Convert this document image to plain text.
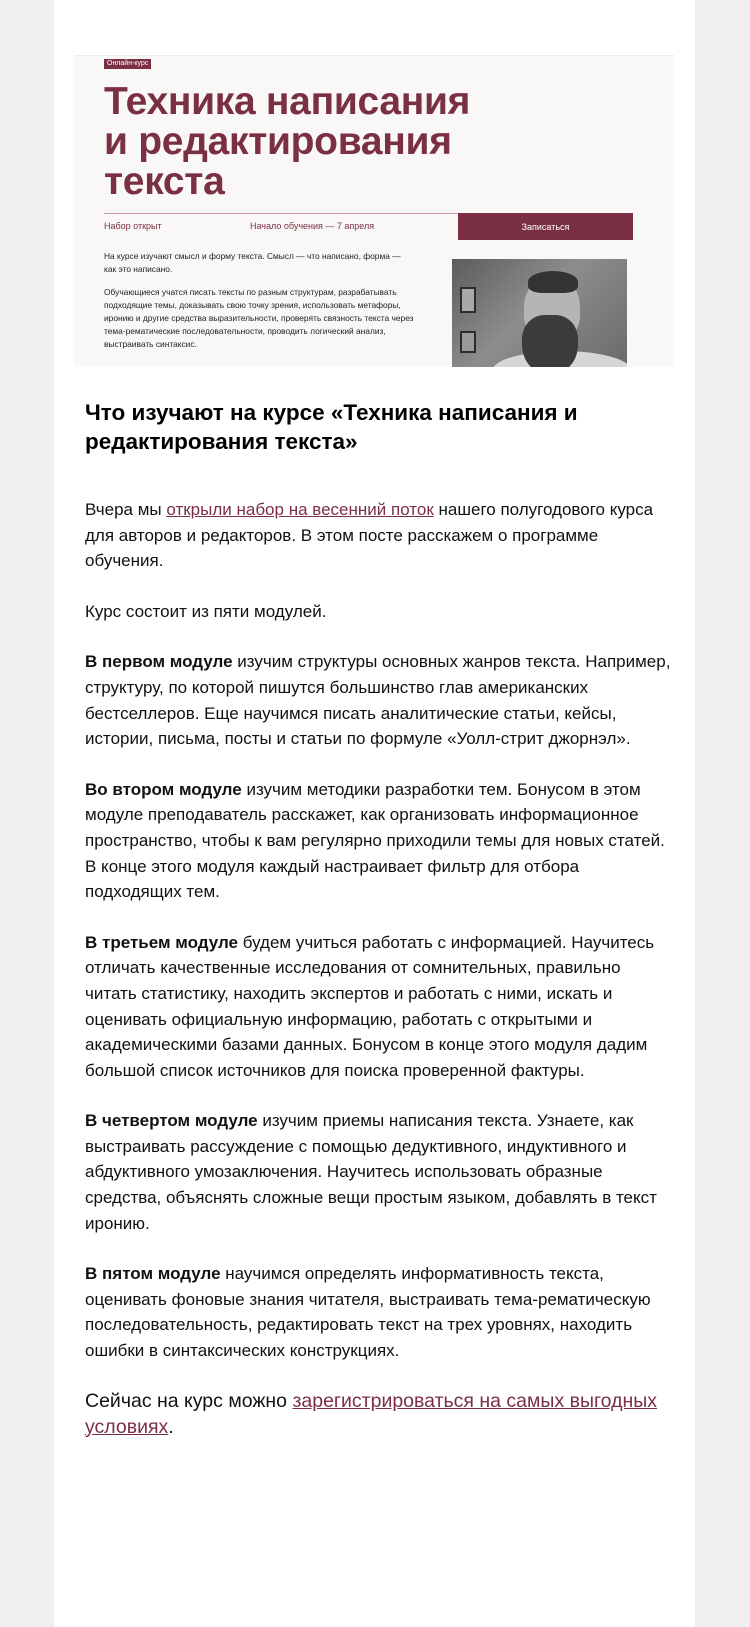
Онлайн-курс
Техника написания
и редактирования
текста
Набор открыт	Начало обучения — 7 апреля	Записаться

На курсе изучают смысл и форму текста. Смысл — что написано, форма — как это написано.

Обучающиеся учатся писать тексты по разным структурам, разрабатывать подходящие темы, доказывать свою точку зрения, использовать метафоры, иронию и другие средства выразительности, проверять связность текста через тема-рематические последовательности, проводить логический анализ, выстраивать синтаксис.

Что изучают на курсе «Техника написания и редактирования текста»

Вчера мы открыли набор на весенний поток нашего полугодового курса для авторов и редакторов. В этом посте расскажем о программе обучения.

Курс состоит из пяти модулей.

В первом модуле изучим структуры основных жанров текста. Например, структуру, по которой пишутся большинство глав американских бестселлеров. Еще научимся писать аналитические статьи, кейсы, истории, письма, посты и статьи по формуле «Уолл-стрит джорнэл».

Во втором модуле изучим методики разработки тем. Бонусом в этом модуле преподаватель расскажет, как организовать информационное пространство, чтобы к вам регулярно приходили темы для новых статей. В конце этого модуля каждый настраивает фильтр для отбора подходящих тем.

В третьем модуле будем учиться работать с информацией. Научитесь отличать качественные исследования от сомнительных, правильно читать статистику, находить экспертов и работать с ними, искать и оценивать официальную информацию, работать с открытыми и академическими базами данных. Бонусом в конце этого модуля дадим большой список источников для поиска проверенной фактуры.

В четвертом модуле изучим приемы написания текста. Узнаете, как выстраивать рассуждение с помощью дедуктивного, индуктивного и абдуктивного умозаключения. Научитесь использовать образные средства, объяснять сложные вещи простым языком, добавлять в текст иронию.

В пятом модуле научимся определять информативность текста, оценивать фоновые знания читателя, выстраивать тема-рематическую последовательность, редактировать текст на трех уровнях, находить ошибки в синтаксических конструкциях.

Сейчас на курс можно зарегистрироваться на самых выгодных условиях.
